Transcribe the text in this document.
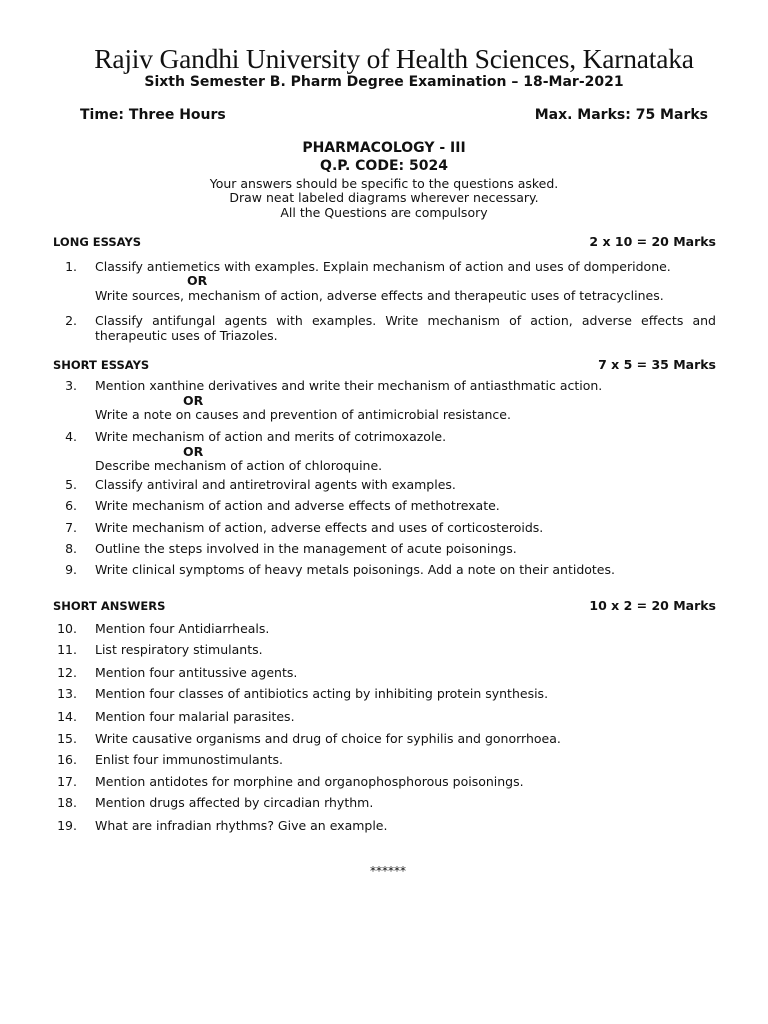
Rajiv Gandhi University of Health Sciences, Karnataka
Sixth Semester B. Pharm Degree Examination – 18-Mar-2021
Time: Three Hours	Max. Marks: 75 Marks
PHARMACOLOGY - III
Q.P. CODE: 5024
Your answers should be specific to the questions asked.
Draw neat labeled diagrams wherever necessary.
All the Questions are compulsory
LONG ESSAYS	2 x 10 = 20 Marks
1. Classify antiemetics with examples. Explain mechanism of action and uses of domperidone.
OR
Write sources, mechanism of action, adverse effects and therapeutic uses of tetracyclines.
2. Classify antifungal agents with examples. Write mechanism of action, adverse effects and therapeutic uses of Triazoles.
SHORT ESSAYS	7 x 5 = 35 Marks
3. Mention xanthine derivatives and write their mechanism of antiasthmatic action.
OR
Write a note on causes and prevention of antimicrobial resistance.
4. Write mechanism of action and merits of cotrimoxazole.
OR
Describe mechanism of action of chloroquine.
5. Classify antiviral and antiretroviral agents with examples.
6. Write mechanism of action and adverse effects of methotrexate.
7. Write mechanism of action, adverse effects and uses of corticosteroids.
8. Outline the steps involved in the management of acute poisonings.
9. Write clinical symptoms of heavy metals poisonings. Add a note on their antidotes.
SHORT ANSWERS	10 x 2 = 20 Marks
10. Mention four Antidiarrheals.
11. List respiratory stimulants.
12. Mention four antitussive agents.
13. Mention four classes of antibiotics acting by inhibiting protein synthesis.
14. Mention four malarial parasites.
15. Write causative organisms and drug of choice for syphilis and gonorrhoea.
16. Enlist four immunostimulants.
17. Mention antidotes for morphine and organophosphorous poisonings.
18. Mention drugs affected by circadian rhythm.
19. What are infradian rhythms? Give an example.
******
